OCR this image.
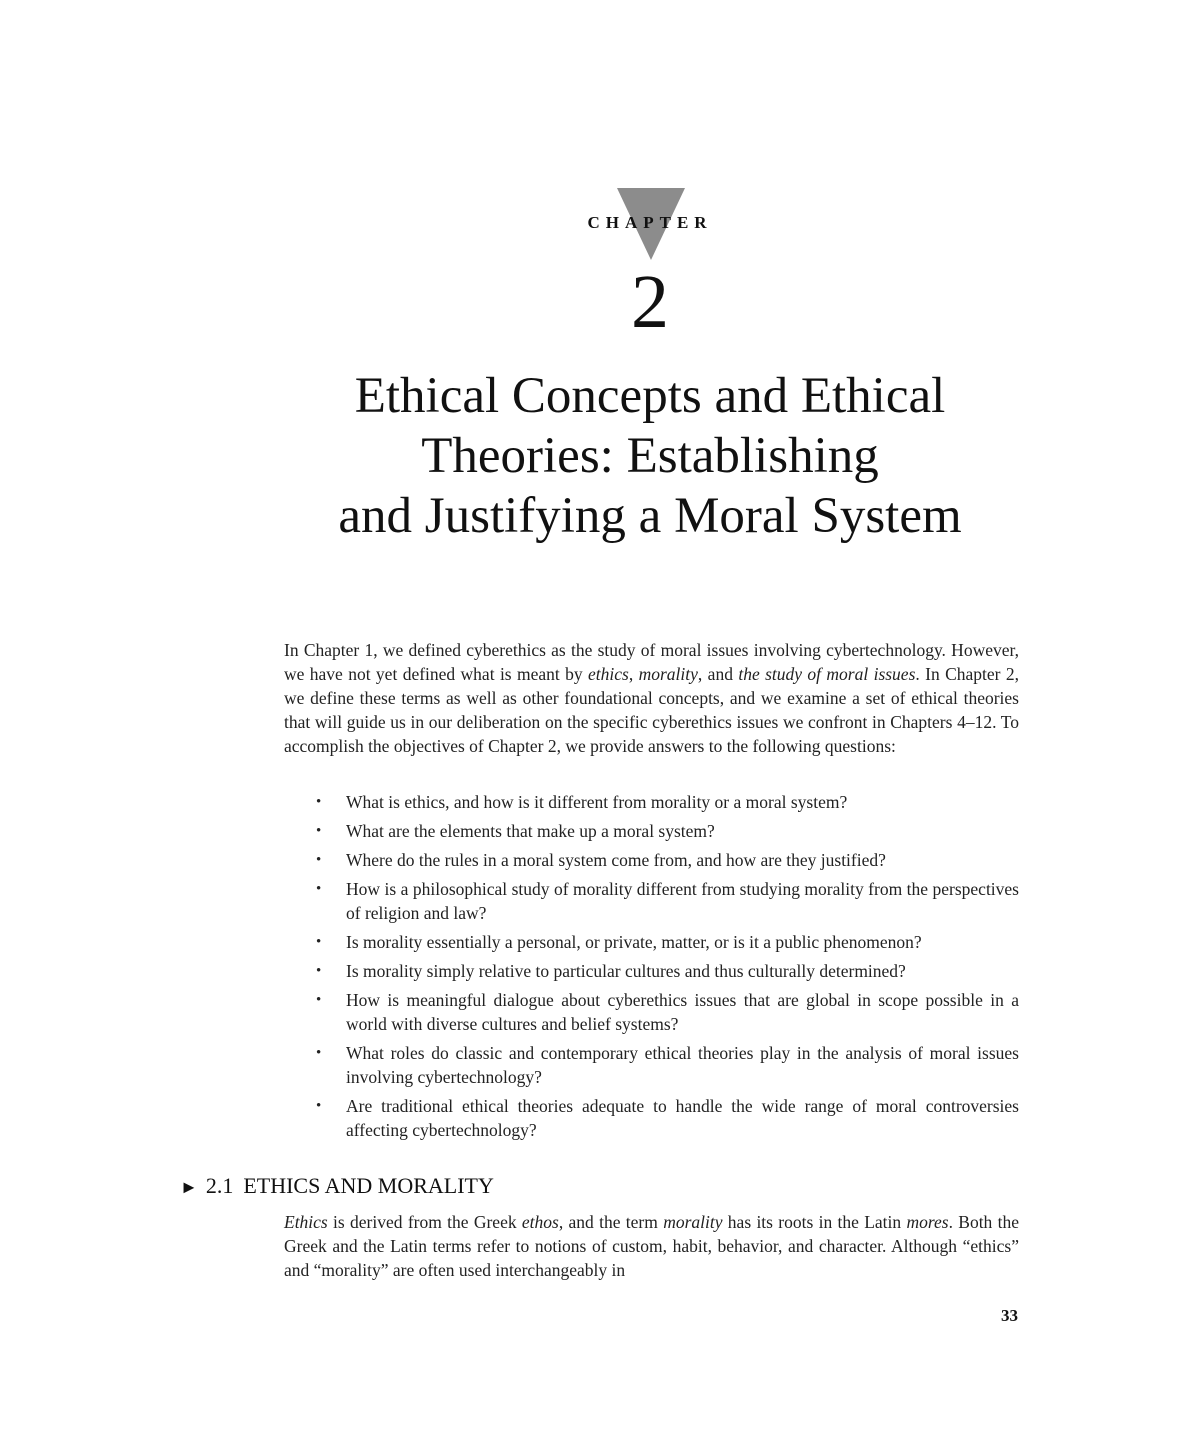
CHAPTER
2
Ethical Concepts and Ethical
Theories: Establishing
and Justifying a Moral System

In Chapter 1, we defined cyberethics as the study of moral issues involving cybertechnology. However, we have not yet defined what is meant by ethics, morality, and the study of moral issues. In Chapter 2, we define these terms as well as other foundational concepts, and we examine a set of ethical theories that will guide us in our deliberation on the specific cyberethics issues we confront in Chapters 4–12. To accomplish the objectives of Chapter 2, we provide answers to the following questions:

• What is ethics, and how is it different from morality or a moral system?
• What are the elements that make up a moral system?
• Where do the rules in a moral system come from, and how are they justified?
• How is a philosophical study of morality different from studying morality from the perspectives of religion and law?
• Is morality essentially a personal, or private, matter, or is it a public phenomenon?
• Is morality simply relative to particular cultures and thus culturally determined?
• How is meaningful dialogue about cyberethics issues that are global in scope possible in a world with diverse cultures and belief systems?
• What roles do classic and contemporary ethical theories play in the analysis of moral issues involving cybertechnology?
• Are traditional ethical theories adequate to handle the wide range of moral controversies affecting cybertechnology?
► 2.1 ETHICS AND MORALITY

Ethics is derived from the Greek ethos, and the term morality has its roots in the Latin mores. Both the Greek and the Latin terms refer to notions of custom, habit, behavior, and character. Although “ethics” and “morality” are often used interchangeably in

33
